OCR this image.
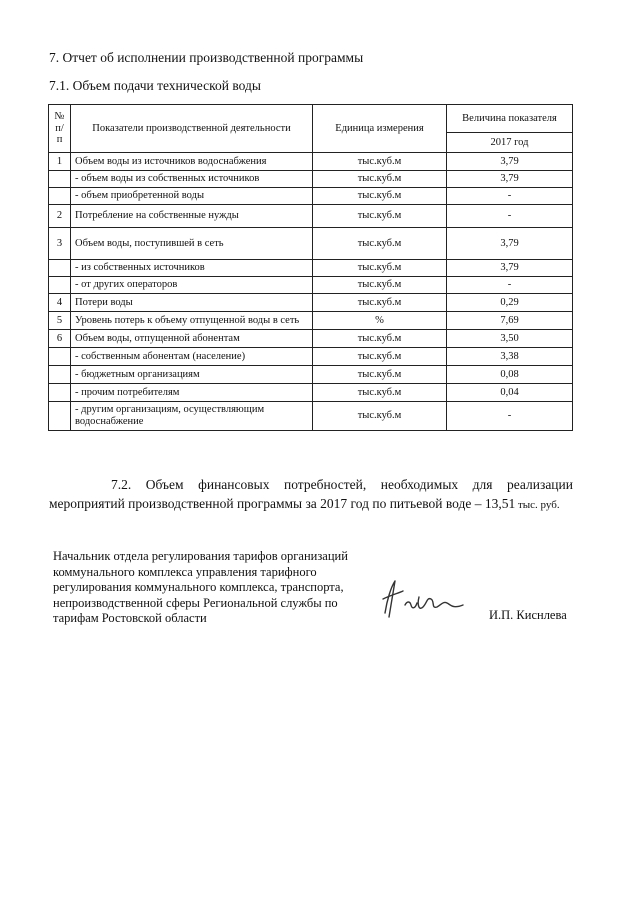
7. Отчет об исполнении производственной программы
7.1. Объем подачи технической воды
№ п/п	Показатели производственной деятельности	Единица измерения	Величина показателя
			2017 год
1	Объем воды из источников водоснабжения	тыс.куб.м	3,79
	- объем воды из собственных источников	тыс.куб.м	3,79
	- объем приобретенной воды	тыс.куб.м	-
2	Потребление на собственные нужды	тыс.куб.м	-
3	Объем воды, поступившей в сеть	тыс.куб.м	3,79
	- из собственных источников	тыс.куб.м	3,79
	- от других операторов	тыс.куб.м	-
4	Потери воды	тыс.куб.м	0,29
5	Уровень потерь к объему отпущенной воды в сеть	%	7,69
6	Объем воды, отпущенной абонентам	тыс.куб.м	3,50
	- собственным абонентам (население)	тыс.куб.м	3,38
	- бюджетным организациям	тыс.куб.м	0,08
	- прочим потребителям	тыс.куб.м	0,04
	- другим организациям, осуществляющим водоснабжение	тыс.куб.м	-
7.2. Объем финансовых потребностей, необходимых для реализации мероприятий производственной программы за 2017 год по питьевой воде – 13,51 тыс. руб.
Начальник отдела регулирования тарифов организаций
коммунального комплекса управления тарифного
регулирования коммунального комплекса, транспорта,
непроизводственной сферы Региональной службы по
тарифам Ростовской области	И.П. Киснлева
